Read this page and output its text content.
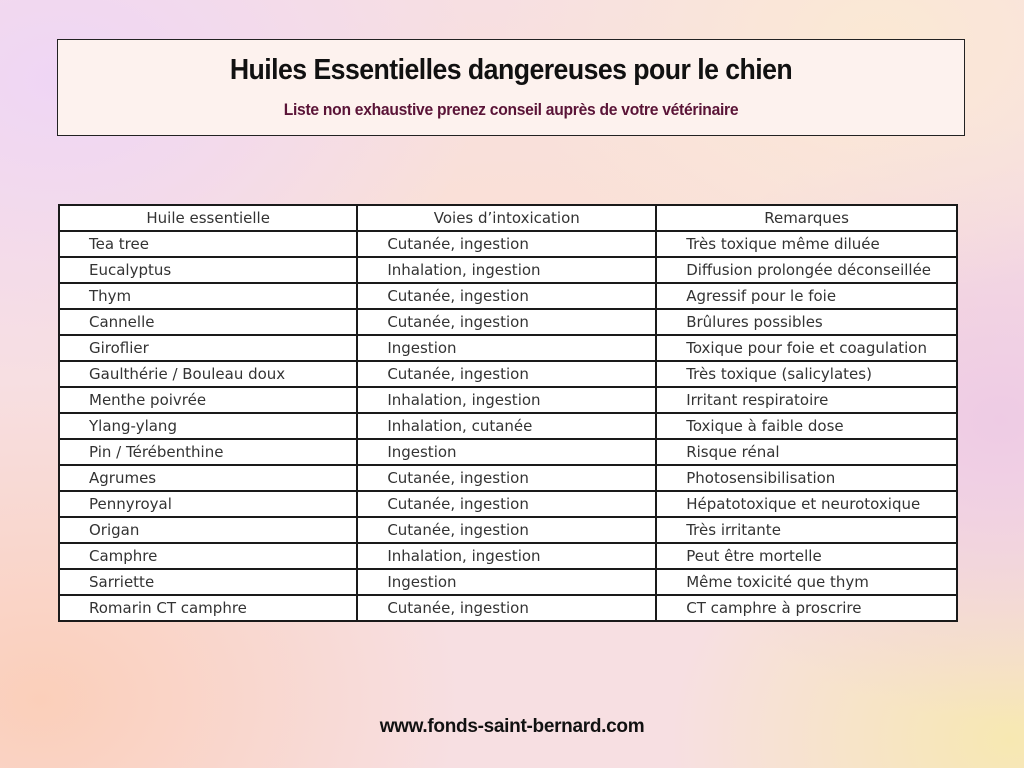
Huiles Essentielles dangereuses pour le chien
Liste non exhaustive prenez conseil auprès de votre vétérinaire
Huile essentielle	Voies d’intoxication	Remarques
Tea tree	Cutanée, ingestion	Très toxique même diluée
Eucalyptus	Inhalation, ingestion	Diffusion prolongée déconseillée
Thym	Cutanée, ingestion	Agressif pour le foie
Cannelle	Cutanée, ingestion	Brûlures possibles
Giroflier	Ingestion	Toxique pour foie et coagulation
Gaulthérie / Bouleau doux	Cutanée, ingestion	Très toxique (salicylates)
Menthe poivrée	Inhalation, ingestion	Irritant respiratoire
Ylang-ylang	Inhalation, cutanée	Toxique à faible dose
Pin / Térébenthine	Ingestion	Risque rénal
Agrumes	Cutanée, ingestion	Photosensibilisation
Pennyroyal	Cutanée, ingestion	Hépatotoxique et neurotoxique
Origan	Cutanée, ingestion	Très irritante
Camphre	Inhalation, ingestion	Peut être mortelle
Sarriette	Ingestion	Même toxicité que thym
Romarin CT camphre	Cutanée, ingestion	CT camphre à proscrire
www.fonds-saint-bernard.com
